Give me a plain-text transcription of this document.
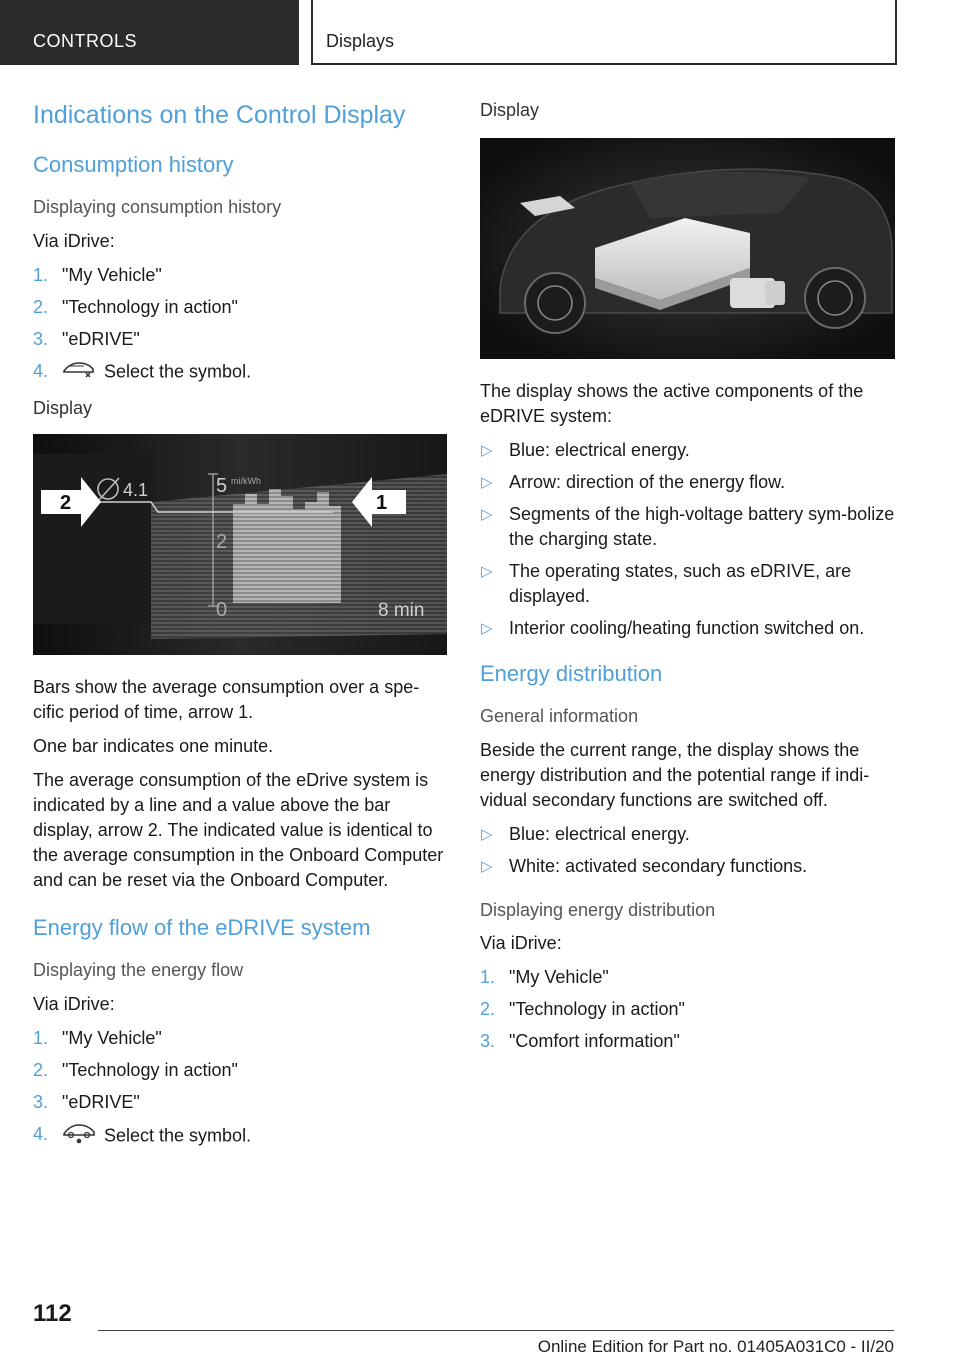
CONTROLS	Displays
Indications on the Control Display
Consumption history
Displaying consumption history

Via iDrive:

1. "My Vehicle"
2. "Technology in action"
3. "eDRIVE"
4.	Select the symbol.
Display
4.1	5 mi/kWh
2
0	8 min
2	1

Bars show the average consumption over a spe-cific period of time, arrow 1.

One bar indicates one minute.

The average consumption of the eDrive system is indicated by a line and a value above the bar display, arrow 2. The indicated value is identical to the average consumption in the Onboard Computer and can be reset via the Onboard Computer.

Energy flow of the eDRIVE system
Displaying the energy flow

Via iDrive:

1. "My Vehicle"
2. "Technology in action"
3. "eDRIVE"
4.	Select the symbol.
Display

The display shows the active components of the eDRIVE system:

▷ Blue: electrical energy.
▷ Arrow: direction of the energy flow.
▷ Segments of the high-voltage battery sym-bolize the charging state.
▷ The operating states, such as eDRIVE, are displayed.
▷ Interior cooling/heating function switched on.
Energy distribution
General information

Beside the current range, the display shows the energy distribution and the potential range if indi-vidual secondary functions are switched off.

▷ Blue: electrical energy.
▷ White: activated secondary functions.
Displaying energy distribution

Via iDrive:

1. "My Vehicle"
2. "Technology in action"
3. "Comfort information"
112
Online Edition for Part no. 01405A031C0 - II/20
